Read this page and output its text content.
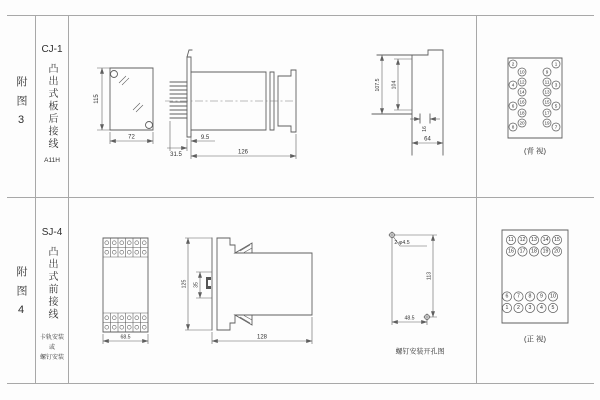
附图3
CJ-1
凸出式板后接线
A11H
附图4
SJ-4
凸出式前接线
卡轨安装
或
螺钉安装
115
72	9.5
31.5	126
107.5 104
16
64
2
4
6
8
10
12
14
16
18
20
9
11
13
15
17
19
1
3
5
7
(背 视)
68.5
125 35
128
2-φ4.5
113
48.5
螺钉安装开孔图
11 12 13 14 15
16 17 18 19 20
6 7 8 9 10
1 2 3 4 5
(正 视)
